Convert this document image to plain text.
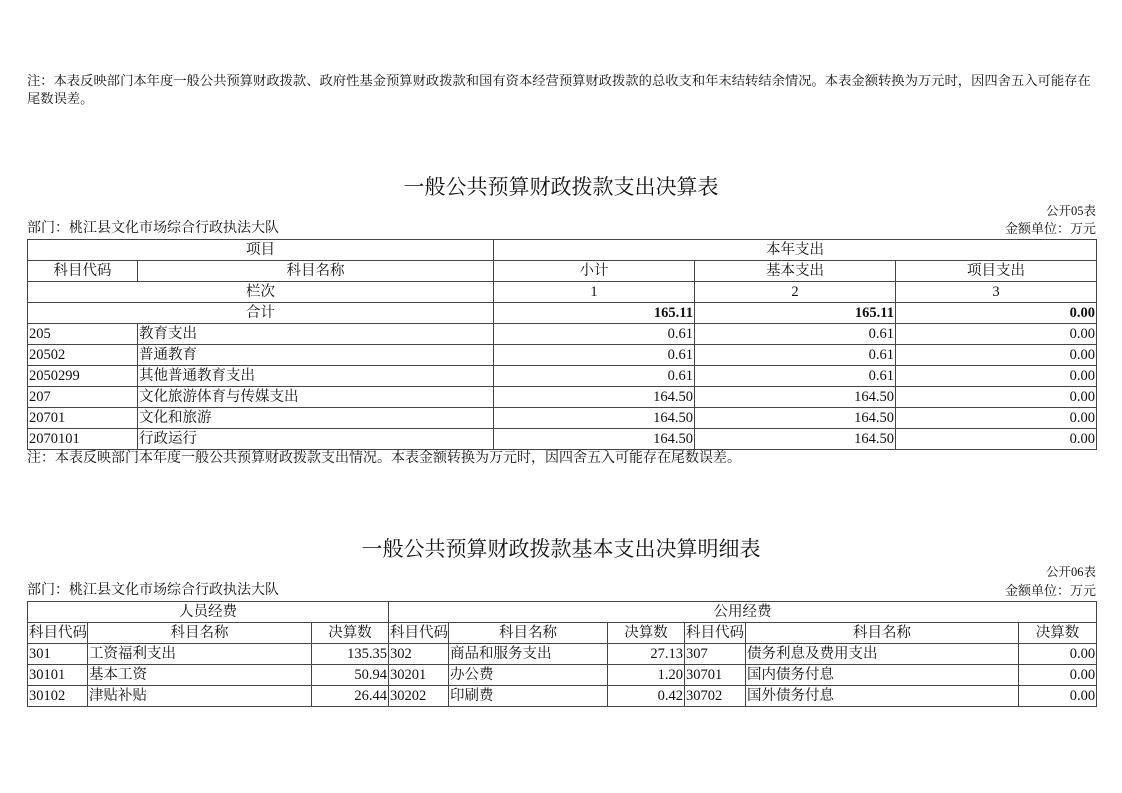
注：本表反映部门本年度一般公共预算财政拨款、政府性基金预算财政拨款和国有资本经营预算财政拨款的总收支和年末结转结余情况。本表金额转换为万元时，因四舍五入可能存在
尾数误差。
一般公共预算财政拨款支出决算表
公开05表
部门：桃江县文化市场综合行政执法大队	金额单位：万元
项目		本年支出		
科目代码	科目名称	小计	基本支出	项目支出
栏次		1	2	3
合计		165.11	165.11	0.00
205	教育支出	0.61	0.61	0.00
20502	普通教育	0.61	0.61	0.00
2050299	其他普通教育支出	0.61	0.61	0.00
207	文化旅游体育与传媒支出	164.50	164.50	0.00
20701	文化和旅游	164.50	164.50	0.00
2070101	行政运行	164.50	164.50	0.00
注：本表反映部门本年度一般公共预算财政拨款支出情况。本表金额转换为万元时，因四舍五入可能存在尾数误差。
一般公共预算财政拨款基本支出决算明细表
公开06表
部门：桃江县文化市场综合行政执法大队	金额单位：万元
人员经费			公用经费					
科目代码	科目名称	决算数	科目代码	科目名称	决算数	科目代码	科目名称	决算数
301	工资福利支出	135.35	302	商品和服务支出	27.13	307	债务利息及费用支出	0.00
30101	基本工资	50.94	30201	办公费	1.20	30701	国内债务付息	0.00
30102	津贴补贴	26.44	30202	印刷费	0.42	30702	国外债务付息	0.00
